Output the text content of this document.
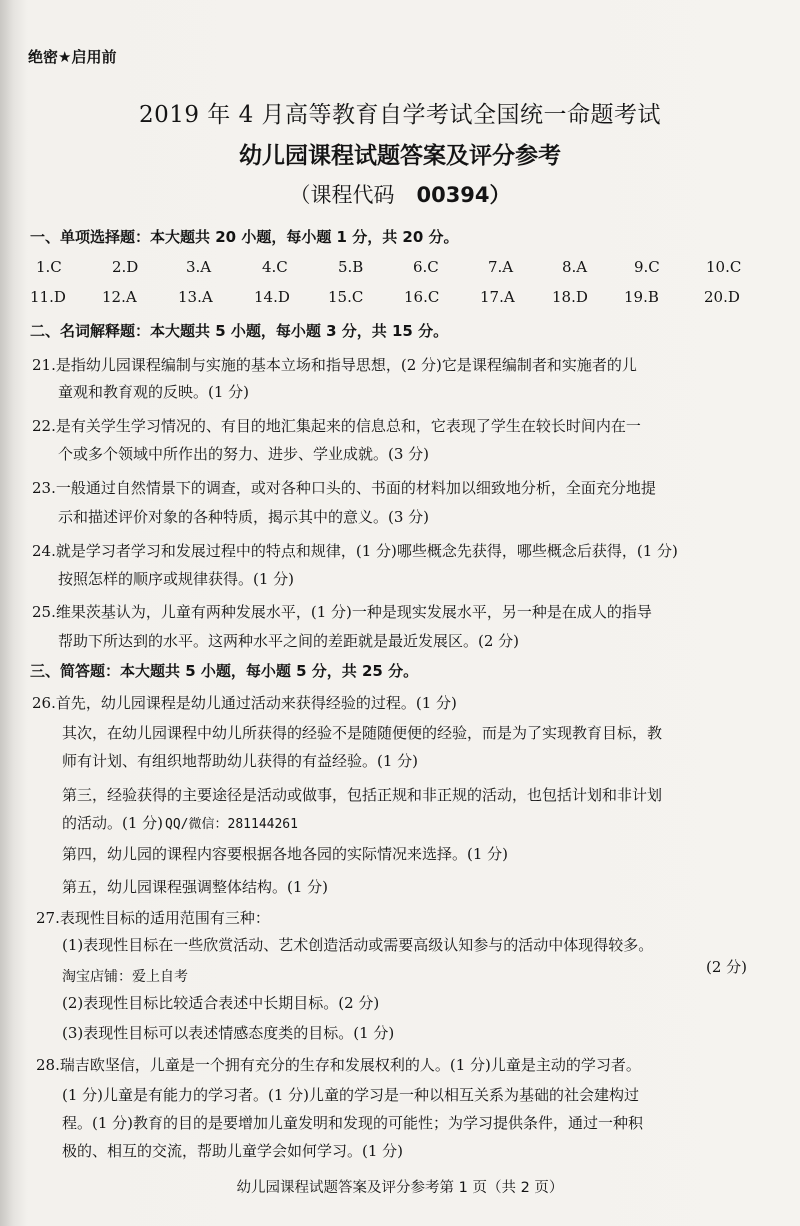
绝密★启用前
2019 年 4 月高等教育自学考试全国统一命题考试
幼儿园课程试题答案及评分参考
（课程代码 00394）
一、单项选择题：本大题共 20 小题，每小题 1 分，共 20 分。
1.C	2.D	3.A	4.C	5.B	6.C	7.A	8.A	9.C	10.C
11.D 12.A	13.A	14.D	15.C	16.C	17.A 18.D 19.B	20.D
二、名词解释题：本大题共 5 小题，每小题 3 分，共 15 分。
21.是指幼儿园课程编制与实施的基本立场和指导思想，(2 分)它是课程编制者和实施者的儿
童观和教育观的反映。(1 分)
22.是有关学生学习情况的、有目的地汇集起来的信息总和，它表现了学生在较长时间内在一
个或多个领域中所作出的努力、进步、学业成就。(3 分)
23.一般通过自然情景下的调查，或对各种口头的、书面的材料加以细致地分析，全面充分地提
示和描述评价对象的各种特质，揭示其中的意义。(3 分)
24.就是学习者学习和发展过程中的特点和规律，(1 分)哪些概念先获得，哪些概念后获得，(1 分)
按照怎样的顺序或规律获得。(1 分)
25.维果茨基认为，儿童有两种发展水平，(1 分)一种是现实发展水平，另一种是在成人的指导
帮助下所达到的水平。这两种水平之间的差距就是最近发展区。(2 分)
三、简答题：本大题共 5 小题，每小题 5 分，共 25 分。
26.首先，幼儿园课程是幼儿通过活动来获得经验的过程。(1 分)
其次，在幼儿园课程中幼儿所获得的经验不是随随便便的经验，而是为了实现教育目标，教
师有计划、有组织地帮助幼儿获得的有益经验。(1 分)
第三，经验获得的主要途径是活动或做事，包括正规和非正规的活动，也包括计划和非计划
的活动。(1 分) QQ/微信：281144261
第四，幼儿园的课程内容要根据各地各园的实际情况来选择。(1 分)
第五，幼儿园课程强调整体结构。(1 分)
27.表现性目标的适用范围有三种：
(1)表现性目标在一些欣赏活动、艺术创造活动或需要高级认知参与的活动中体现得较多。
淘宝店铺：爱上自考
(2 分)
(2)表现性目标比较适合表述中长期目标。(2 分)
(3)表现性目标可以表述情感态度类的目标。(1 分)
28.瑞吉欧坚信，儿童是一个拥有充分的生存和发展权利的人。(1 分)儿童是主动的学习者。
(1 分)儿童是有能力的学习者。(1 分)儿童的学习是一种以相互关系为基础的社会建构过
程。(1 分)教育的目的是要增加儿童发明和发现的可能性；为学习提供条件，通过一种积
极的、相互的交流，帮助儿童学会如何学习。(1 分)
幼儿园课程试题答案及评分参考第 1 页（共 2 页）
